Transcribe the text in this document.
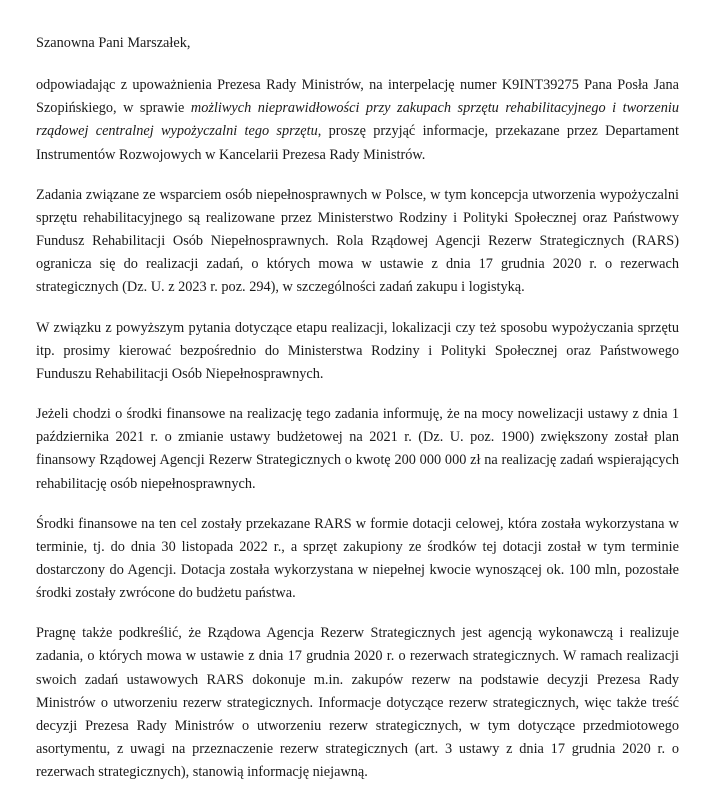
Szanowna Pani Marszałek,

odpowiadając z upoważnienia Prezesa Rady Ministrów, na interpelację numer K9INT39275 Pana Posła Jana Szopińskiego, w sprawie możliwych nieprawidłowości przy zakupach sprzętu rehabilitacyjnego i tworzeniu rządowej centralnej wypożyczalni tego sprzętu, proszę przyjąć informacje, przekazane przez Departament Instrumentów Rozwojowych w Kancelarii Prezesa Rady Ministrów.

Zadania związane ze wsparciem osób niepełnosprawnych w Polsce, w tym koncepcja utworzenia wypożyczalni sprzętu rehabilitacyjnego są realizowane przez Ministerstwo Rodziny i Polityki Społecznej oraz Państwowy Fundusz Rehabilitacji Osób Niepełnosprawnych. Rola Rządowej Agencji Rezerw Strategicznych (RARS) ogranicza się do realizacji zadań, o których mowa w ustawie z dnia 17 grudnia 2020 r. o rezerwach strategicznych (Dz. U. z 2023 r. poz. 294), w szczególności zadań zakupu i logistyką.

W związku z powyższym pytania dotyczące etapu realizacji, lokalizacji czy też sposobu wypożyczania sprzętu itp. prosimy kierować bezpośrednio do Ministerstwa Rodziny i Polityki Społecznej oraz Państwowego Funduszu Rehabilitacji Osób Niepełnosprawnych.

Jeżeli chodzi o środki finansowe na realizację tego zadania informuję, że na mocy nowelizacji ustawy z dnia 1 października 2021 r. o zmianie ustawy budżetowej na 2021 r. (Dz. U. poz. 1900) zwiększony został plan finansowy Rządowej Agencji Rezerw Strategicznych o kwotę 200 000 000 zł na realizację zadań wspierających rehabilitację osób niepełnosprawnych.

Środki finansowe na ten cel zostały przekazane RARS w formie dotacji celowej, która została wykorzystana w terminie, tj. do dnia 30 listopada 2022 r., a sprzęt zakupiony ze środków tej dotacji został w tym terminie dostarczony do Agencji. Dotacja została wykorzystana w niepełnej kwocie wynoszącej ok. 100 mln, pozostałe środki zostały zwrócone do budżetu państwa.

Pragnę także podkreślić, że Rządowa Agencja Rezerw Strategicznych jest agencją wykonawczą i realizuje zadania, o których mowa w ustawie z dnia 17 grudnia 2020 r. o rezerwach strategicznych. W ramach realizacji swoich zadań ustawowych RARS dokonuje m.in. zakupów rezerw na podstawie decyzji Prezesa Rady Ministrów o utworzeniu rezerw strategicznych. Informacje dotyczące rezerw strategicznych, więc także treść decyzji Prezesa Rady Ministrów o utworzeniu rezerw strategicznych, w tym dotyczące przedmiotowego asortymentu, z uwagi na przeznaczenie rezerw strategicznych (art. 3 ustawy z dnia 17 grudnia 2020 r. o rezerwach strategicznych), stanowią informację niejawną.
